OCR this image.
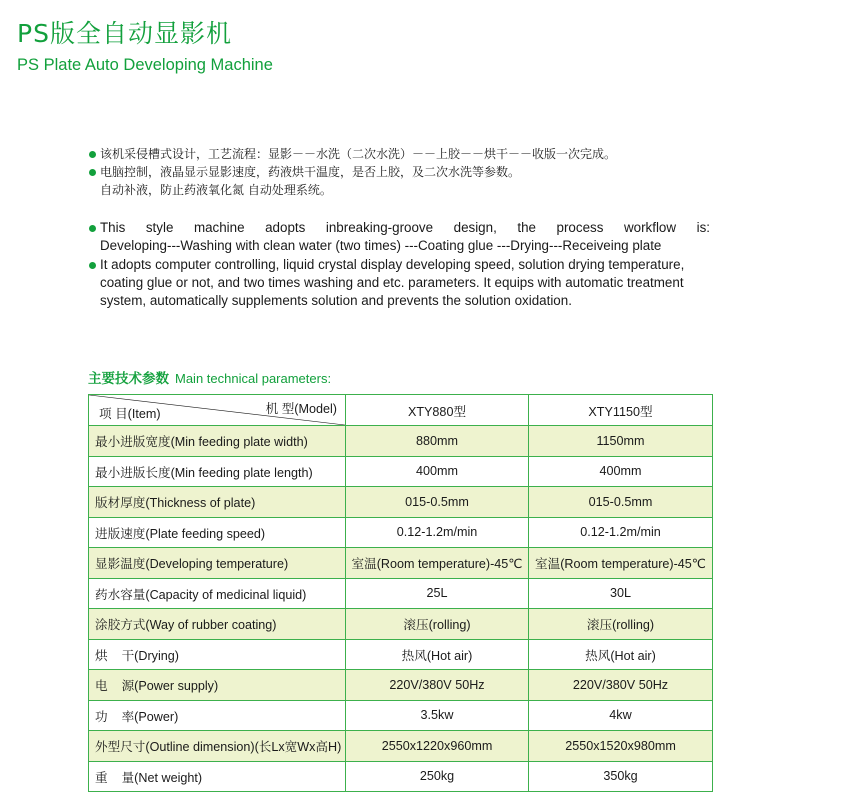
PS版全自动显影机
PS Plate Auto Developing Machine
该机采侵槽式设计，工艺流程：显影－－水洗（二次水洗）－－上胶－－烘干－－收版一次完成。
电脑控制，液晶显示显影速度，药液烘干温度，是否上胶，及二次水洗等参数。
自动补液，防止药液氧化氮 自动处理系统。
This style machine adopts inbreaking-groove design, the process workflow is:
Developing---Washing with clean water (two times) ---Coating glue ---Drying---Receiveing plate
It adopts computer controlling, liquid crystal display developing speed, solution drying temperature,
coating glue or not, and two times washing and etc. parameters. It equips with automatic treatment
system, automatically supplements solution and prevents the solution oxidation.
主要技术参数 Main technical parameters:
机 型(Model)
项 目(Item)	XTY880型	XTY1150型
最小进版宽度(Min feeding plate width)	880mm	1150mm
最小进版长度(Min feeding plate length)	400mm	400mm
版材厚度(Thickness of plate)	015-0.5mm	015-0.5mm
进版速度(Plate feeding speed)	0.12-1.2m/min	0.12-1.2m/min
显影温度(Developing temperature)	室温(Room temperature)-45℃	室温(Room temperature)-45℃
药水容量(Capacity of medicinal liquid)	25L	30L
涂胶方式(Way of rubber coating)	滚压(rolling)	滚压(rolling)
烘    干(Drying)	热风(Hot air)	热风(Hot air)
电    源(Power supply)	220V/380V 50Hz	220V/380V 50Hz
功    率(Power)	3.5kw	4kw
外型尺寸(Outline dimension)(长Lx宽Wx高H)	2550x1220x960mm	2550x1520x980mm
重    量(Net weight)	250kg	350kg
